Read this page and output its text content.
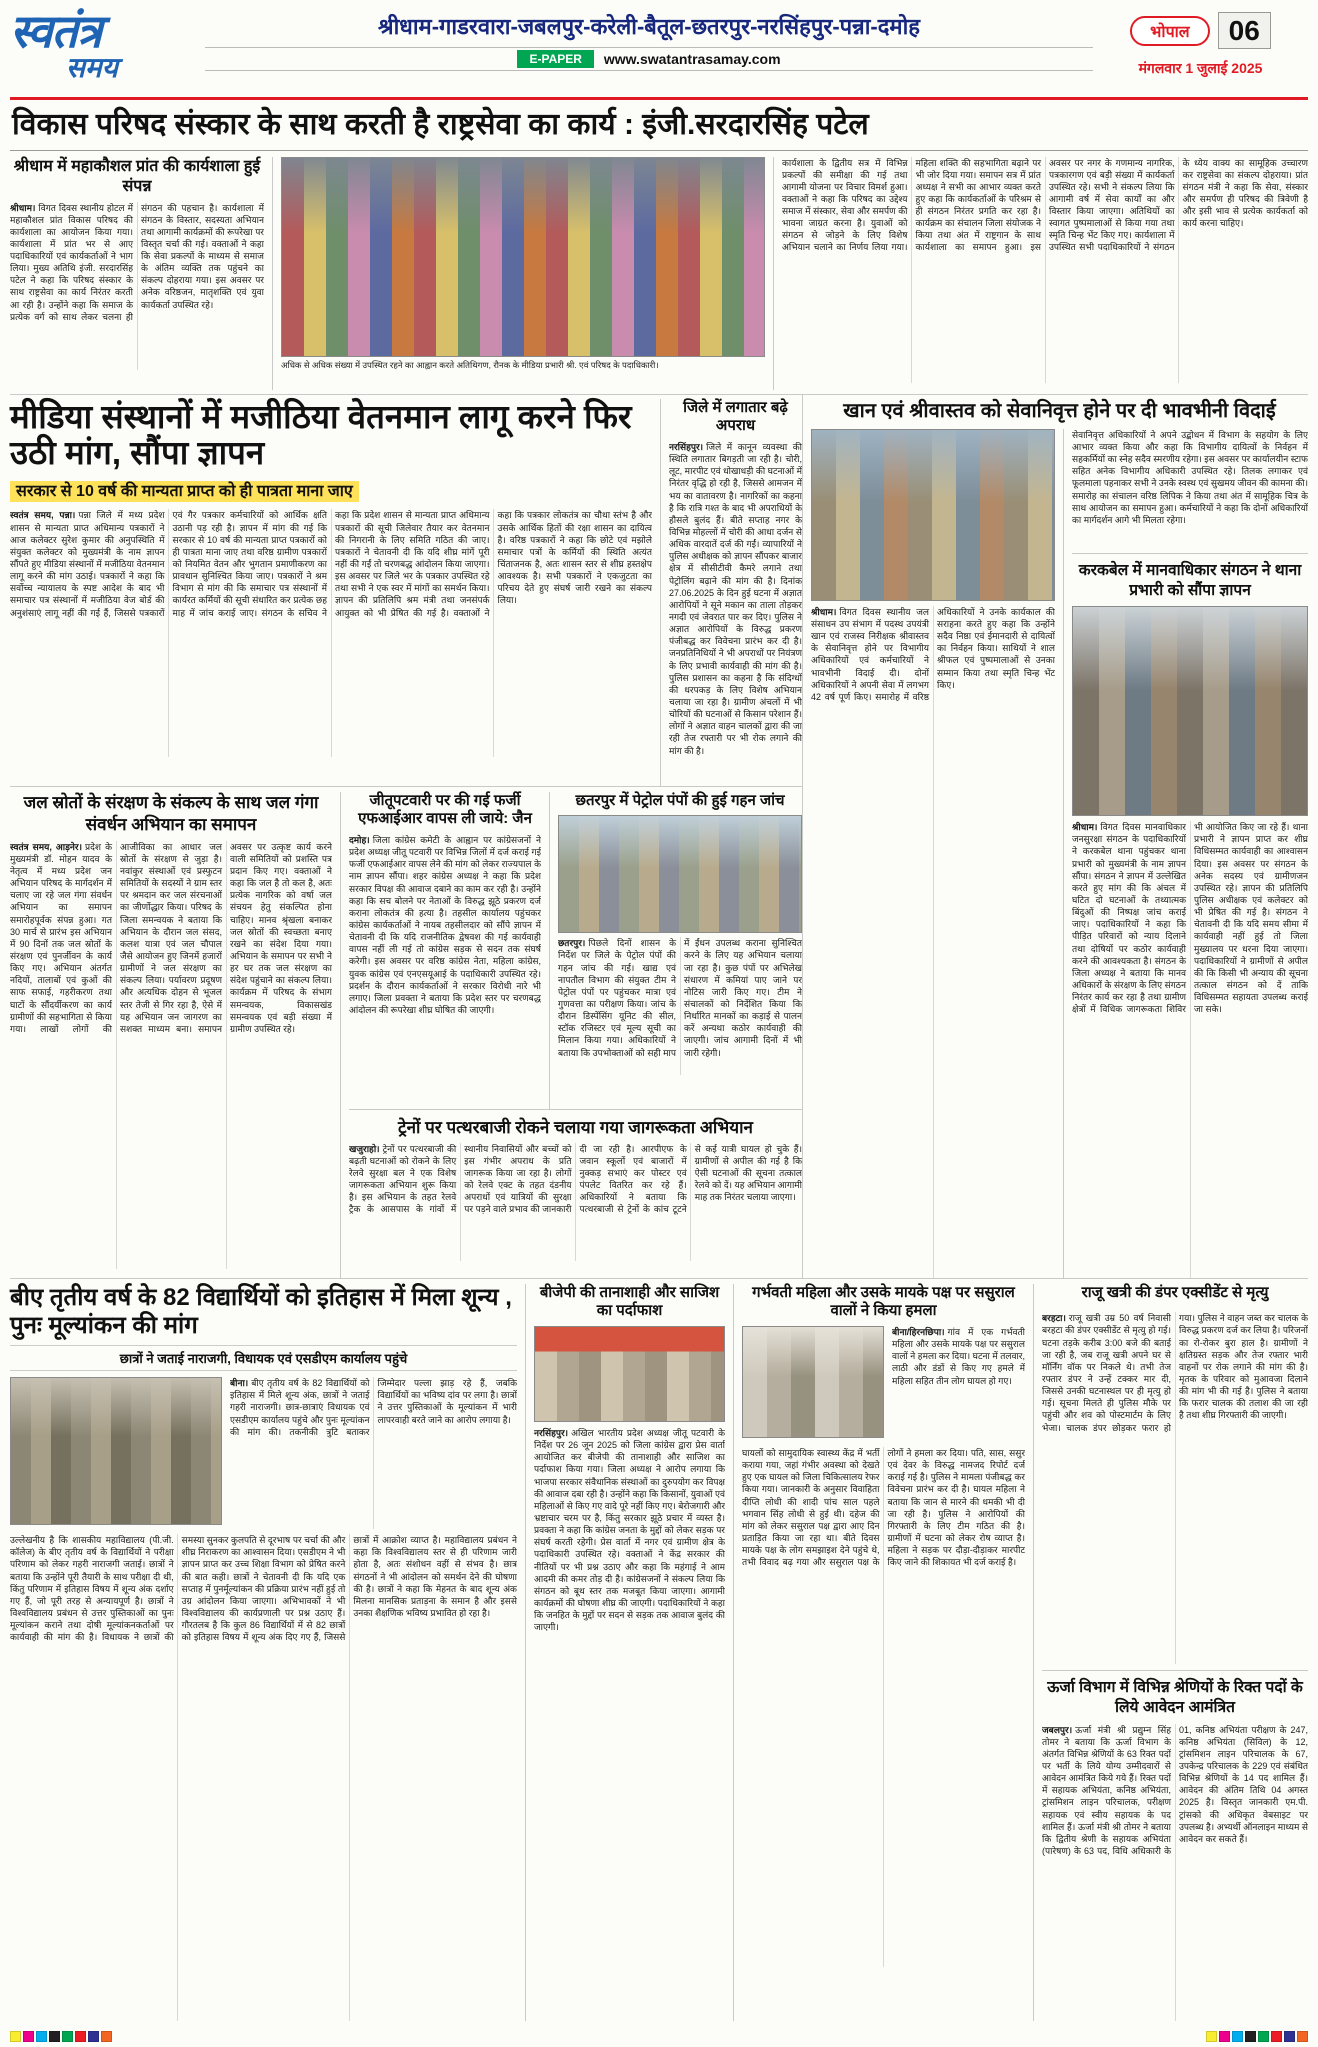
स्वतंत्र
समय
श्रीधाम-गाडरवारा-जबलपुर-करेली-बैतूल-छतरपुर-नरसिंहपुर-पन्ना-दमोह
E-PAPER	www.swatantrasamay.com
भोपाल	06
मंगलवार 1 जुलाई 2025
विकास परिषद संस्कार के साथ करती है राष्ट्रसेवा का कार्य : इंजी.सरदारसिंह पटेल
श्रीधाम में महाकौशल प्रांत की कार्यशाला हुई संपन्न
श्रीधाम। विगत दिवस स्थानीय होटल में महाकौशल प्रांत विकास परिषद की कार्यशाला का आयोजन किया गया। कार्यशाला में प्रांत भर से आए पदाधिकारियों एवं कार्यकर्ताओं ने भाग लिया। मुख्य अतिथि इंजी. सरदारसिंह पटेल ने कहा कि परिषद संस्कार के साथ राष्ट्रसेवा का कार्य निरंतर करती आ रही है। उन्होंने कहा कि समाज के प्रत्येक वर्ग को साथ लेकर चलना ही संगठन की पहचान है। कार्यशाला में संगठन के विस्तार, सदस्यता अभियान तथा आगामी कार्यक्रमों की रूपरेखा पर विस्तृत चर्चा की गई। वक्ताओं ने कहा कि सेवा प्रकल्पों के माध्यम से समाज के अंतिम व्यक्ति तक पहुंचने का संकल्प दोहराया गया। इस अवसर पर अनेक वरिष्ठजन, मातृशक्ति एवं युवा कार्यकर्ता उपस्थित रहे।
अधिक से अधिक संख्या में उपस्थित रहने का आह्वान करते अतिथिगण, रौनक के मीडिया प्रभारी श्री. एवं परिषद के पदाधिकारी।
कार्यशाला के द्वितीय सत्र में विभिन्न प्रकल्पों की समीक्षा की गई तथा आगामी योजना पर विचार विमर्श हुआ। वक्ताओं ने कहा कि परिषद का उद्देश्य समाज में संस्कार, सेवा और समर्पण की भावना जाग्रत करना है। युवाओं को संगठन से जोड़ने के लिए विशेष अभियान चलाने का निर्णय लिया गया। महिला शक्ति की सहभागिता बढ़ाने पर भी जोर दिया गया। समापन सत्र में प्रांत अध्यक्ष ने सभी का आभार व्यक्त करते हुए कहा कि कार्यकर्ताओं के परिश्रम से ही संगठन निरंतर प्रगति कर रहा है। कार्यक्रम का संचालन जिला संयोजक ने किया तथा अंत में राष्ट्रगान के साथ कार्यशाला का समापन हुआ। इस अवसर पर नगर के गणमान्य नागरिक, पत्रकारगण एवं बड़ी संख्या में कार्यकर्ता उपस्थित रहे। सभी ने संकल्प लिया कि आगामी वर्ष में सेवा कार्यों का और विस्तार किया जाएगा। अतिथियों का स्वागत पुष्पमालाओं से किया गया तथा स्मृति चिन्ह भेंट किए गए। कार्यशाला में उपस्थित सभी पदाधिकारियों ने संगठन के ध्येय वाक्य का सामूहिक उच्चारण कर राष्ट्रसेवा का संकल्प दोहराया। प्रांत संगठन मंत्री ने कहा कि सेवा, संस्कार और समर्पण ही परिषद की त्रिवेणी है और इसी भाव से प्रत्येक कार्यकर्ता को कार्य करना चाहिए।
मीडिया संस्थानों में मजीठिया वेतनमान लागू करने फिर उठी मांग, सौंपा ज्ञापन
सरकार से 10 वर्ष की मान्यता प्राप्त को ही पात्रता माना जाए
स्वतंत्र समय, पन्ना। पन्ना जिले में मध्य प्रदेश शासन से मान्यता प्राप्त अधिमान्य पत्रकारों ने आज कलेक्टर सुरेश कुमार की अनुपस्थिति में संयुक्त कलेक्टर को मुख्यमंत्री के नाम ज्ञापन सौंपते हुए मीडिया संस्थानों में मजीठिया वेतनमान लागू करने की मांग उठाई। पत्रकारों ने कहा कि सर्वोच्च न्यायालय के स्पष्ट आदेश के बाद भी समाचार पत्र संस्थानों में मजीठिया वेज बोर्ड की अनुशंसाएं लागू नहीं की गई हैं, जिससे पत्रकारों एवं गैर पत्रकार कर्मचारियों को आर्थिक क्षति उठानी पड़ रही है। ज्ञापन में मांग की गई कि सरकार से 10 वर्ष की मान्यता प्राप्त पत्रकारों को ही पात्रता माना जाए तथा वरिष्ठ ग्रामीण पत्रकारों को नियमित वेतन और भुगतान प्रमाणीकरण का प्रावधान सुनिश्चित किया जाए। पत्रकारों ने श्रम विभाग से मांग की कि समाचार पत्र संस्थानों में कार्यरत कर्मियों की सूची संधारित कर प्रत्येक छह माह में जांच कराई जाए। संगठन के सचिव ने कहा कि प्रदेश शासन से मान्यता प्राप्त अधिमान्य पत्रकारों की सूची जिलेवार तैयार कर वेतनमान की निगरानी के लिए समिति गठित की जाए। पत्रकारों ने चेतावनी दी कि यदि शीघ्र मांगें पूरी नहीं की गईं तो चरणबद्ध आंदोलन किया जाएगा। इस अवसर पर जिले भर के पत्रकार उपस्थित रहे तथा सभी ने एक स्वर में मांगों का समर्थन किया। ज्ञापन की प्रतिलिपि श्रम मंत्री तथा जनसंपर्क आयुक्त को भी प्रेषित की गई है। वक्ताओं ने कहा कि पत्रकार लोकतंत्र का चौथा स्तंभ है और उसके आर्थिक हितों की रक्षा शासन का दायित्व है। वरिष्ठ पत्रकारों ने कहा कि छोटे एवं मझोले समाचार पत्रों के कर्मियों की स्थिति अत्यंत चिंताजनक है, अतः शासन स्तर से शीघ्र हस्तक्षेप आवश्यक है। सभी पत्रकारों ने एकजुटता का परिचय देते हुए संघर्ष जारी रखने का संकल्प लिया।
जिले में लगातार बढ़े अपराध
नरसिंहपुर। जिले में कानून व्यवस्था की स्थिति लगातार बिगड़ती जा रही है। चोरी, लूट, मारपीट एवं धोखाधड़ी की घटनाओं में निरंतर वृद्धि हो रही है, जिससे आमजन में भय का वातावरण है। नागरिकों का कहना है कि रात्रि गश्त के बाद भी अपराधियों के हौसले बुलंद हैं। बीते सप्ताह नगर के विभिन्न मोहल्लों में चोरी की आधा दर्जन से अधिक वारदातें दर्ज की गईं। व्यापारियों ने पुलिस अधीक्षक को ज्ञापन सौंपकर बाजार क्षेत्र में सीसीटीवी कैमरे लगाने तथा पेट्रोलिंग बढ़ाने की मांग की है। दिनांक 27.06.2025 के दिन हुई घटना में अज्ञात आरोपियों ने सूने मकान का ताला तोड़कर नगदी एवं जेवरात पार कर दिए। पुलिस ने अज्ञात आरोपियों के विरुद्ध प्रकरण पंजीबद्ध कर विवेचना प्रारंभ कर दी है। जनप्रतिनिधियों ने भी अपराधों पर नियंत्रण के लिए प्रभावी कार्यवाही की मांग की है। पुलिस प्रशासन का कहना है कि संदिग्धों की धरपकड़ के लिए विशेष अभियान चलाया जा रहा है। ग्रामीण अंचलों में भी चोरियों की घटनाओं से किसान परेशान हैं। लोगों ने अज्ञात वाहन चालकों द्वारा की जा रही तेज रफ्तारी पर भी रोक लगाने की मांग की है।
जल स्रोतों के संरक्षण के संकल्प के साथ जल गंगा संवर्धन अभियान का समापन
स्वतंत्र समय, आड़नेर। प्रदेश के मुख्यमंत्री डॉ. मोहन यादव के नेतृत्व में मध्य प्रदेश जन अभियान परिषद के मार्गदर्शन में चलाए जा रहे जल गंगा संवर्धन अभियान का समापन समारोहपूर्वक संपन्न हुआ। गत 30 मार्च से प्रारंभ इस अभियान में 90 दिनों तक जल स्रोतों के संरक्षण एवं पुनर्जीवन के कार्य किए गए। अभियान अंतर्गत नदियों, तालाबों एवं कुओं की साफ सफाई, गहरीकरण तथा घाटों के सौंदर्यीकरण का कार्य ग्रामीणों की सहभागिता से किया गया। लाखों लोगों की आजीविका का आधार जल स्रोतों के संरक्षण से जुड़ा है। नवांकुर संस्थाओं एवं प्रस्फुटन समितियों के सदस्यों ने ग्राम स्तर पर श्रमदान कर जल संरचनाओं का जीर्णोद्धार किया। परिषद के जिला समन्वयक ने बताया कि अभियान के दौरान जल संसद, कलश यात्रा एवं जल चौपाल जैसे आयोजन हुए जिनमें हजारों ग्रामीणों ने जल संरक्षण का संकल्प लिया। पर्यावरण प्रदूषण और अत्यधिक दोहन से भूजल स्तर तेजी से गिर रहा है, ऐसे में यह अभियान जन जागरण का सशक्त माध्यम बना। समापन अवसर पर उत्कृष्ट कार्य करने वाली समितियों को प्रशस्ति पत्र प्रदान किए गए। वक्ताओं ने कहा कि जल है तो कल है, अतः प्रत्येक नागरिक को वर्षा जल संचयन हेतु संकल्पित होना चाहिए। मानव श्रृंखला बनाकर जल स्रोतों की स्वच्छता बनाए रखने का संदेश दिया गया। अभियान के समापन पर सभी ने हर घर तक जल संरक्षण का संदेश पहुंचाने का संकल्प लिया। कार्यक्रम में परिषद के संभाग समन्वयक, विकासखंड समन्वयक एवं बड़ी संख्या में ग्रामीण उपस्थित रहे।
जीतूपटवारी पर की गई फर्जी एफआईआर वापस ली जाये: जैन
दमोह। जिला कांग्रेस कमेटी के आह्वान पर कांग्रेसजनों ने प्रदेश अध्यक्ष जीतू पटवारी पर विभिन्न जिलों में दर्ज कराई गई फर्जी एफआईआर वापस लेने की मांग को लेकर राज्यपाल के नाम ज्ञापन सौंपा। शहर कांग्रेस अध्यक्ष ने कहा कि प्रदेश सरकार विपक्ष की आवाज दबाने का काम कर रही है। उन्होंने कहा कि सच बोलने पर नेताओं के विरुद्ध झूठे प्रकरण दर्ज कराना लोकतंत्र की हत्या है। तहसील कार्यालय पहुंचकर कांग्रेस कार्यकर्ताओं ने नायब तहसीलदार को सौंपे ज्ञापन में चेतावनी दी कि यदि राजनीतिक द्वेषवश की गई कार्यवाही वापस नहीं ली गई तो कांग्रेस सड़क से सदन तक संघर्ष करेगी। इस अवसर पर वरिष्ठ कांग्रेस नेता, महिला कांग्रेस, युवक कांग्रेस एवं एनएसयूआई के पदाधिकारी उपस्थित रहे। प्रदर्शन के दौरान कार्यकर्ताओं ने सरकार विरोधी नारे भी लगाए। जिला प्रवक्ता ने बताया कि प्रदेश स्तर पर चरणबद्ध आंदोलन की रूपरेखा शीघ्र घोषित की जाएगी।
छतरपुर में पेट्रोल पंपों की हुई गहन जांच
छतरपुर। पिछले दिनों शासन के निर्देश पर जिले के पेट्रोल पंपों की गहन जांच की गई। खाद्य एवं नापतौल विभाग की संयुक्त टीम ने पेट्रोल पंपों पर पहुंचकर मात्रा एवं गुणवत्ता का परीक्षण किया। जांच के दौरान डिस्पेंसिंग यूनिट की सील, स्टॉक रजिस्टर एवं मूल्य सूची का मिलान किया गया। अधिकारियों ने बताया कि उपभोक्ताओं को सही माप में ईंधन उपलब्ध कराना सुनिश्चित करने के लिए यह अभियान चलाया जा रहा है। कुछ पंपों पर अभिलेख संधारण में कमियां पाए जाने पर नोटिस जारी किए गए। टीम ने संचालकों को निर्देशित किया कि निर्धारित मानकों का कड़ाई से पालन करें अन्यथा कठोर कार्यवाही की जाएगी। जांच आगामी दिनों में भी जारी रहेगी।
ट्रेनों पर पत्थरबाजी रोकने चलाया गया जागरूकता अभियान
खजुराहो। ट्रेनों पर पत्थरबाजी की बढ़ती घटनाओं को रोकने के लिए रेलवे सुरक्षा बल ने एक विशेष जागरूकता अभियान शुरू किया है। इस अभियान के तहत रेलवे ट्रैक के आसपास के गांवों में स्थानीय निवासियों और बच्चों को इस गंभीर अपराध के प्रति जागरूक किया जा रहा है। लोगों को रेलवे एक्ट के तहत दंडनीय अपराधों एवं यात्रियों की सुरक्षा पर पड़ने वाले प्रभाव की जानकारी दी जा रही है। आरपीएफ के जवान स्कूलों एवं बाजारों में नुक्कड़ सभाएं कर पोस्टर एवं पंपलेट वितरित कर रहे हैं। अधिकारियों ने बताया कि पत्थरबाजी से ट्रेनों के कांच टूटने से कई यात्री घायल हो चुके हैं। ग्रामीणों से अपील की गई है कि ऐसी घटनाओं की सूचना तत्काल रेलवे को दें। यह अभियान आगामी माह तक निरंतर चलाया जाएगा।
खान एवं श्रीवास्तव को सेवानिवृत्त होने पर दी भावभीनी विदाई
श्रीधाम। विगत दिवस स्थानीय जल संसाधन उप संभाग में पदस्थ उपयंत्री खान एवं राजस्व निरीक्षक श्रीवास्तव के सेवानिवृत्त होने पर विभागीय अधिकारियों एवं कर्मचारियों ने भावभीनी विदाई दी। दोनों अधिकारियों ने अपनी सेवा में लगभग 42 वर्ष पूर्ण किए। समारोह में वरिष्ठ अधिकारियों ने उनके कार्यकाल की सराहना करते हुए कहा कि उन्होंने सदैव निष्ठा एवं ईमानदारी से दायित्वों का निर्वहन किया। साथियों ने शाल श्रीफल एवं पुष्पमालाओं से उनका सम्मान किया तथा स्मृति चिन्ह भेंट किए।
सेवानिवृत्त अधिकारियों ने अपने उद्बोधन में विभाग के सहयोग के लिए आभार व्यक्त किया और कहा कि विभागीय दायित्वों के निर्वहन में सहकर्मियों का स्नेह सदैव स्मरणीय रहेगा। इस अवसर पर कार्यालयीन स्टाफ सहित अनेक विभागीय अधिकारी उपस्थित रहे। तिलक लगाकर एवं फूलमाला पहनाकर सभी ने उनके स्वस्थ एवं सुखमय जीवन की कामना की। समारोह का संचालन वरिष्ठ लिपिक ने किया तथा अंत में सामूहिक चित्र के साथ आयोजन का समापन हुआ। कर्मचारियों ने कहा कि दोनों अधिकारियों का मार्गदर्शन आगे भी मिलता रहेगा।
करकबेल में मानवाधिकार संगठन ने थाना प्रभारी को सौंपा ज्ञापन
श्रीधाम। विगत दिवस मानवाधिकार जनसुरक्षा संगठन के पदाधिकारियों ने करकबेल थाना पहुंचकर थाना प्रभारी को मुख्यमंत्री के नाम ज्ञापन सौंपा। संगठन ने ज्ञापन में उल्लेखित करते हुए मांग की कि अंचल में घटित दो घटनाओं के तथ्यात्मक बिंदुओं की निष्पक्ष जांच कराई जाए। पदाधिकारियों ने कहा कि पीड़ित परिवारों को न्याय दिलाने तथा दोषियों पर कठोर कार्यवाही करने की आवश्यकता है। संगठन के जिला अध्यक्ष ने बताया कि मानव अधिकारों के संरक्षण के लिए संगठन निरंतर कार्य कर रहा है तथा ग्रामीण क्षेत्रों में विधिक जागरूकता शिविर भी आयोजित किए जा रहे हैं। थाना प्रभारी ने ज्ञापन प्राप्त कर शीघ्र विधिसम्मत कार्यवाही का आश्वासन दिया। इस अवसर पर संगठन के अनेक सदस्य एवं ग्रामीणजन उपस्थित रहे। ज्ञापन की प्रतिलिपि पुलिस अधीक्षक एवं कलेक्टर को भी प्रेषित की गई है। संगठन ने चेतावनी दी कि यदि समय सीमा में कार्यवाही नहीं हुई तो जिला मुख्यालय पर धरना दिया जाएगा। पदाधिकारियों ने ग्रामीणों से अपील की कि किसी भी अन्याय की सूचना तत्काल संगठन को दें ताकि विधिसम्मत सहायता उपलब्ध कराई जा सके।
बीए तृतीय वर्ष के 82 विद्यार्थियों को इतिहास में मिला शून्य , पुनः मूल्यांकन की मांग
छात्रों ने जताई नाराजगी, विधायक एवं एसडीएम कार्यालय पहुंचे
बीना। बीए तृतीय वर्ष के 82 विद्यार्थियों को इतिहास में मिले शून्य अंक, छात्रों ने जताई गहरी नाराजगी। छात्र-छात्राएं विधायक एवं एसडीएम कार्यालय पहुंचे और पुनः मूल्यांकन की मांग की। तकनीकी त्रुटि बताकर जिम्मेदार पल्ला झाड़ रहे हैं, जबकि विद्यार्थियों का भविष्य दांव पर लगा है। छात्रों ने उत्तर पुस्तिकाओं के मूल्यांकन में भारी लापरवाही बरते जाने का आरोप लगाया है।
उल्लेखनीय है कि शासकीय महाविद्यालय (पी.जी. कॉलेज) के बीए तृतीय वर्ष के विद्यार्थियों ने परीक्षा परिणाम को लेकर गहरी नाराजगी जताई। छात्रों ने बताया कि उन्होंने पूरी तैयारी के साथ परीक्षा दी थी, किंतु परिणाम में इतिहास विषय में शून्य अंक दर्शाए गए हैं, जो पूरी तरह से अन्यायपूर्ण है। छात्रों ने विश्वविद्यालय प्रबंधन से उत्तर पुस्तिकाओं का पुनः मूल्यांकन कराने तथा दोषी मूल्यांकनकर्ताओं पर कार्यवाही की मांग की है। विधायक ने छात्रों की समस्या सुनकर कुलपति से दूरभाष पर चर्चा की और शीघ्र निराकरण का आश्वासन दिया। एसडीएम ने भी ज्ञापन प्राप्त कर उच्च शिक्षा विभाग को प्रेषित करने की बात कही। छात्रों ने चेतावनी दी कि यदि एक सप्ताह में पुनर्मूल्यांकन की प्रक्रिया प्रारंभ नहीं हुई तो उग्र आंदोलन किया जाएगा। अभिभावकों ने भी विश्वविद्यालय की कार्यप्रणाली पर प्रश्न उठाए हैं। गौरतलब है कि कुल 86 विद्यार्थियों में से 82 छात्रों को इतिहास विषय में शून्य अंक दिए गए हैं, जिससे छात्रों में आक्रोश व्याप्त है। महाविद्यालय प्रबंधन ने कहा कि विश्वविद्यालय स्तर से ही परिणाम जारी होता है, अतः संशोधन वहीं से संभव है। छात्र संगठनों ने भी आंदोलन को समर्थन देने की घोषणा की है। छात्रों ने कहा कि मेहनत के बाद शून्य अंक मिलना मानसिक प्रताड़ना के समान है और इससे उनका शैक्षणिक भविष्य प्रभावित हो रहा है।
बीजेपी की तानाशाही और साजिश का पर्दाफाश
नरसिंहपुर। अखिल भारतीय प्रदेश अध्यक्ष जीतू पटवारी के निर्देश पर 26 जून 2025 को जिला कांग्रेस द्वारा प्रेस वार्ता आयोजित कर बीजेपी की तानाशाही और साजिश का पर्दाफाश किया गया। जिला अध्यक्ष ने आरोप लगाया कि भाजपा सरकार संवैधानिक संस्थाओं का दुरुपयोग कर विपक्ष की आवाज दबा रही है। उन्होंने कहा कि किसानों, युवाओं एवं महिलाओं से किए गए वादे पूरे नहीं किए गए। बेरोजगारी और भ्रष्टाचार चरम पर है, किंतु सरकार झूठे प्रचार में व्यस्त है। प्रवक्ता ने कहा कि कांग्रेस जनता के मुद्दों को लेकर सड़क पर संघर्ष करती रहेगी। प्रेस वार्ता में नगर एवं ग्रामीण क्षेत्र के पदाधिकारी उपस्थित रहे। वक्ताओं ने केंद्र सरकार की नीतियों पर भी प्रश्न उठाए और कहा कि महंगाई ने आम आदमी की कमर तोड़ दी है। कांग्रेसजनों ने संकल्प लिया कि संगठन को बूथ स्तर तक मजबूत किया जाएगा। आगामी कार्यक्रमों की घोषणा शीघ्र की जाएगी। पदाधिकारियों ने कहा कि जनहित के मुद्दों पर सदन से सड़क तक आवाज बुलंद की जाएगी।
गर्भवती महिला और उसके मायके पक्ष पर ससुराल वालों ने किया हमला
बीना/हिरनछिपा। गांव में एक गर्भवती महिला और उसके मायके पक्ष पर ससुराल वालों ने हमला कर दिया। घटना में तलवार, लाठी और डंडों से किए गए हमले में महिला सहित तीन लोग घायल हो गए।
घायलों को सामुदायिक स्वास्थ्य केंद्र में भर्ती कराया गया, जहां गंभीर अवस्था को देखते हुए एक घायल को जिला चिकित्सालय रेफर किया गया। जानकारी के अनुसार विवाहिता दीप्ति लोधी की शादी पांच साल पहले भगवान सिंह लोधी से हुई थी। दहेज की मांग को लेकर ससुराल पक्ष द्वारा आए दिन प्रताड़ित किया जा रहा था। बीते दिवस मायके पक्ष के लोग समझाइश देने पहुंचे थे, तभी विवाद बढ़ गया और ससुराल पक्ष के लोगों ने हमला कर दिया। पति, सास, ससुर एवं देवर के विरुद्ध नामजद रिपोर्ट दर्ज कराई गई है। पुलिस ने मामला पंजीबद्ध कर विवेचना प्रारंभ कर दी है। घायल महिला ने बताया कि जान से मारने की धमकी भी दी जा रही है। पुलिस ने आरोपियों की गिरफ्तारी के लिए टीम गठित की है। ग्रामीणों में घटना को लेकर रोष व्याप्त है। महिला ने सड़क पर दौड़ा-दौड़ाकर मारपीट किए जाने की शिकायत भी दर्ज कराई है।
राजू खत्री की डंपर एक्सीडेंट से मृत्यु
बरहटा। राजू खत्री उम्र 50 वर्ष निवासी बरहटा की डंपर एक्सीडेंट से मृत्यु हो गई। घटना तड़के करीब 3:00 बजे की बताई जा रही है, जब राजू खत्री अपने घर से मॉर्निंग वॉक पर निकले थे। तभी तेज रफ्तार डंपर ने उन्हें टक्कर मार दी, जिससे उनकी घटनास्थल पर ही मृत्यु हो गई। सूचना मिलते ही पुलिस मौके पर पहुंची और शव को पोस्टमार्टम के लिए भेजा। चालक डंपर छोड़कर फरार हो गया। पुलिस ने वाहन जब्त कर चालक के विरुद्ध प्रकरण दर्ज कर लिया है। परिजनों का रो-रोकर बुरा हाल है। ग्रामीणों ने क्षतिग्रस्त सड़क और तेज रफ्तार भारी वाहनों पर रोक लगाने की मांग की है। मृतक के परिवार को मुआवजा दिलाने की मांग भी की गई है। पुलिस ने बताया कि फरार चालक की तलाश की जा रही है तथा शीघ्र गिरफ्तारी की जाएगी।
ऊर्जा विभाग में विभिन्न श्रेणियों के रिक्त पदों के लिये आवेदन आमंत्रित
जबलपुर। ऊर्जा मंत्री श्री प्रद्युम्न सिंह तोमर ने बताया कि ऊर्जा विभाग के अंतर्गत विभिन्न श्रेणियों के 63 रिक्त पदों पर भर्ती के लिये योग्य उम्मीदवारों से आवेदन आमंत्रित किये गये हैं। रिक्त पदों में सहायक अभियंता, कनिष्ठ अभियंता, ट्रांसमिशन लाइन परिचालक, परीक्षण सहायक एवं स्वीय सहायक के पद शामिल हैं। ऊर्जा मंत्री श्री तोमर ने बताया कि द्वितीय श्रेणी के सहायक अभियंता (पारेषण) के 63 पद, विधि अधिकारी के 01, कनिष्ठ अभियंता परीक्षण के 247, कनिष्ठ अभियंता (सिविल) के 12, ट्रांसमिशन लाइन परिचालक के 67, उपकेन्द्र परिचालक के 229 एवं संबंधित विभिन्न श्रेणियों के 14 पद शामिल हैं। आवेदन की अंतिम तिथि 04 अगस्त 2025 है। विस्तृत जानकारी एम.पी. ट्रांसको की अधिकृत वेबसाइट पर उपलब्ध है। अभ्यर्थी ऑनलाइन माध्यम से आवेदन कर सकते हैं।
